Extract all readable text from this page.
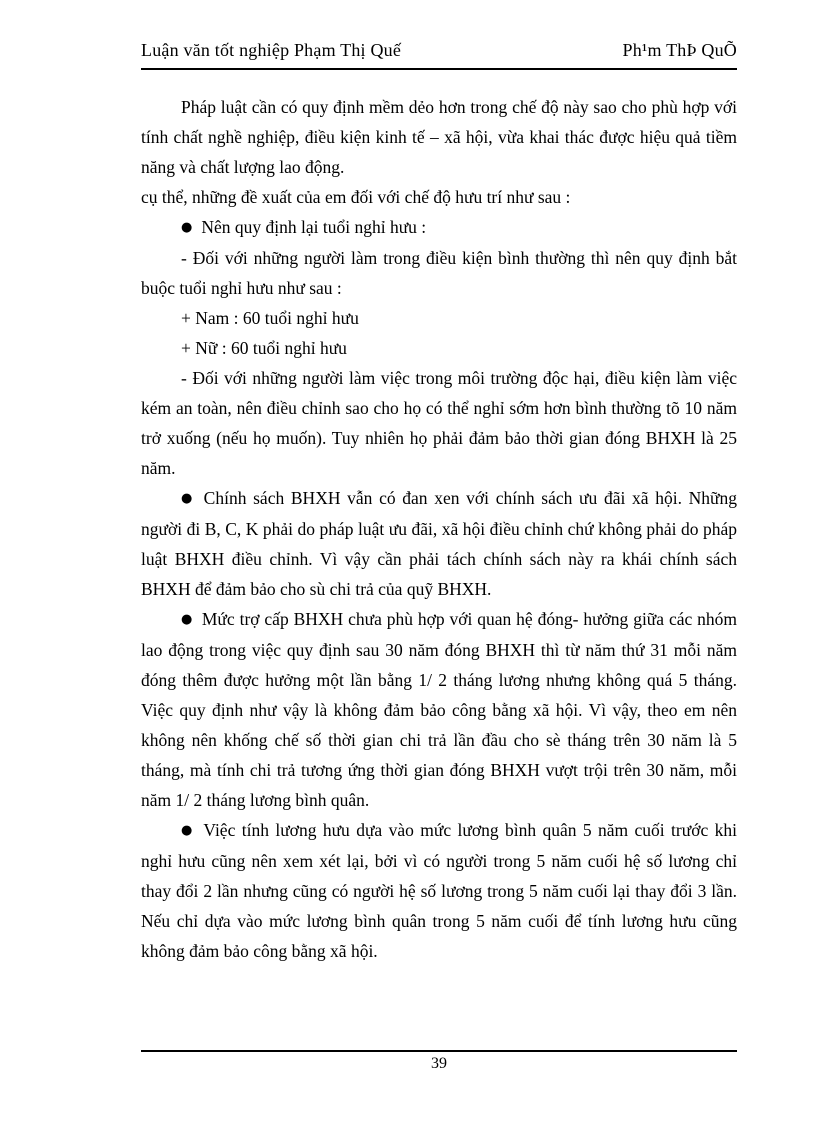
Luận văn tốt nghiệp Phạm Thị Quế	Ph¹m ThÞ QuÕ

Pháp luật cần có quy định mềm dẻo hơn trong chế độ này sao cho phù hợp với tính chất nghề nghiệp, điều kiện kinh tế – xã hội, vừa khai thác được hiệu quả tiềm năng và chất lượng lao động.

cụ thể, những đề xuất của em đối với chế độ hưu trí như sau :

● Nên quy định lại tuổi nghỉ hưu :

- Đối với những người làm trong điều kiện bình thường thì nên quy định bắt buộc tuổi nghỉ hưu như sau :

+ Nam : 60 tuổi nghỉ hưu

+ Nữ : 60 tuổi nghỉ hưu

- Đối với những người làm việc trong môi trường độc hại, điều kiện làm việc kém an toàn, nên điều chỉnh sao cho họ có thể nghỉ sớm hơn bình thường tõ 10 năm trở xuống (nếu họ muốn). Tuy nhiên họ phải đảm bảo thời gian đóng BHXH là 25 năm.

● Chính sách BHXH vẫn có đan xen với chính sách ưu đãi xã hội. Những người đi B, C, K phải do pháp luật ưu đãi, xã hội điều chỉnh chứ không phải do pháp luật BHXH điều chỉnh. Vì vậy cần phải tách chính sách này ra khái chính sách BHXH để đảm bảo cho sù chi trả của quỹ BHXH.

● Mức trợ cấp BHXH chưa phù hợp với quan hệ đóng- hưởng giữa các nhóm lao động trong việc quy định sau 30 năm đóng BHXH thì từ năm thứ 31 mỗi năm đóng thêm được hưởng một lần bằng 1/ 2 tháng lương nhưng không quá 5 tháng. Việc quy định như vậy là không đảm bảo công bằng xã hội. Vì vậy, theo em nên không nên khống chế số thời gian chi trả lần đầu cho sè tháng trên 30 năm là 5 tháng, mà tính chi trả tương ứng thời gian đóng BHXH vượt trội trên 30 năm, mỗi năm 1/ 2 tháng lương bình quân.

● Việc tính lương hưu dựa vào mức lương bình quân 5 năm cuối trước khi nghỉ hưu cũng nên xem xét lại, bởi vì có người trong 5 năm cuối hệ số lương chỉ thay đổi 2 lần nhưng cũng có người hệ số lương trong 5 năm cuối lại thay đổi 3 lần. Nếu chỉ dựa vào mức lương bình quân trong 5 năm cuối để tính lương hưu cũng không đảm bảo công bằng xã hội.

39
